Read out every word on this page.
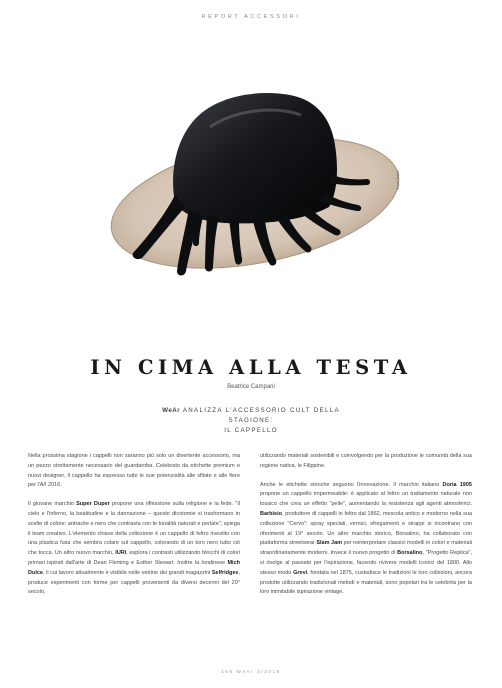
REPORT ACCESSORI
Super Duper
IN CIMA ALLA TESTA
Beatrice Campani
WeAr ANALIZZA L'ACCESSORIO CULT DELLA STAGIONE:
IL CAPPELLO

Nella prossima stagione i cappelli non saranno più solo un divertente accessorio, ma un pezzo strettamente necessario del guardaroba. Celebrato da etichette premium e nuovi designer, il cappello ha espresso tutte le sue potenzialità alle sfilate e alle fiere per l'A/I 2016.

Il giovane marchio Super Duper propone una riflessione sulla religione e la fede. "Il cielo e l'inferno, la beatitudine e la dannazione – queste dicotomie si trasformano in scelte di colore: antracite e nero che contrasta con le tonalità naturali e perlate", spiega il team creativo. L'elemento chiave della collezione è un cappello di feltro rivestito con una plastica fusa che sembra colare sul cappello, colorando di un toro nero tutto ciò che tocca. Un altro nuovo marchio, IURI, esplora i contrasti utilizzando blocchi di colori primari ispirati dall'arte di Dean Fleming e Esther Stewart. Inoltre la londinese Mich Dulce, il cui lavoro attualmente è visibile nelle vetrine dei grandi magazzini Selfridges, produce esperimenti con forme per cappelli provenienti da diversi decenni del 20° secolo,

utilizzando materiali sostenibili e coinvolgendo per la produzione le comunità della sua regione nativa, le Filippine.

Anche le etichette storiche seguono l'innovazione. Il marchio italiano Doria 1905 propone un cappello impermeabile: è applicato al feltro un trattamento naturale non tossico che crea un effetto "pelle", aumentando la resistenza agli agenti atmosferici. Barbisio, produttore di cappelli in feltro dal 1862, mescola antico e moderno nella sua collezione "Cervo": spray speciali, vernici, sfregamenti e strappi si incontrano con riferimenti al 19° secolo. Un altro marchio storico, Borsalino, ha collaborato con piattaforma streetwear Slam Jam per reinterpretare classici modelli in colori e materiali straordinariamente moderni. Invece il nuovo progetto di Borsalino, "Progetto Replica", si rivolge al passato per l'ispirazione, facendo rivivere modelli iconici del 1800. Allo stesso modo Grevi, fondata nel 1875, custodisce le tradizioni le loro collezioni, ancora prodotte utilizzando tradizionali metodi e materiali, sono popolari tra le celebrità per la loro inimitabile ispirazione vintage.

166 WeAr 3/2016
